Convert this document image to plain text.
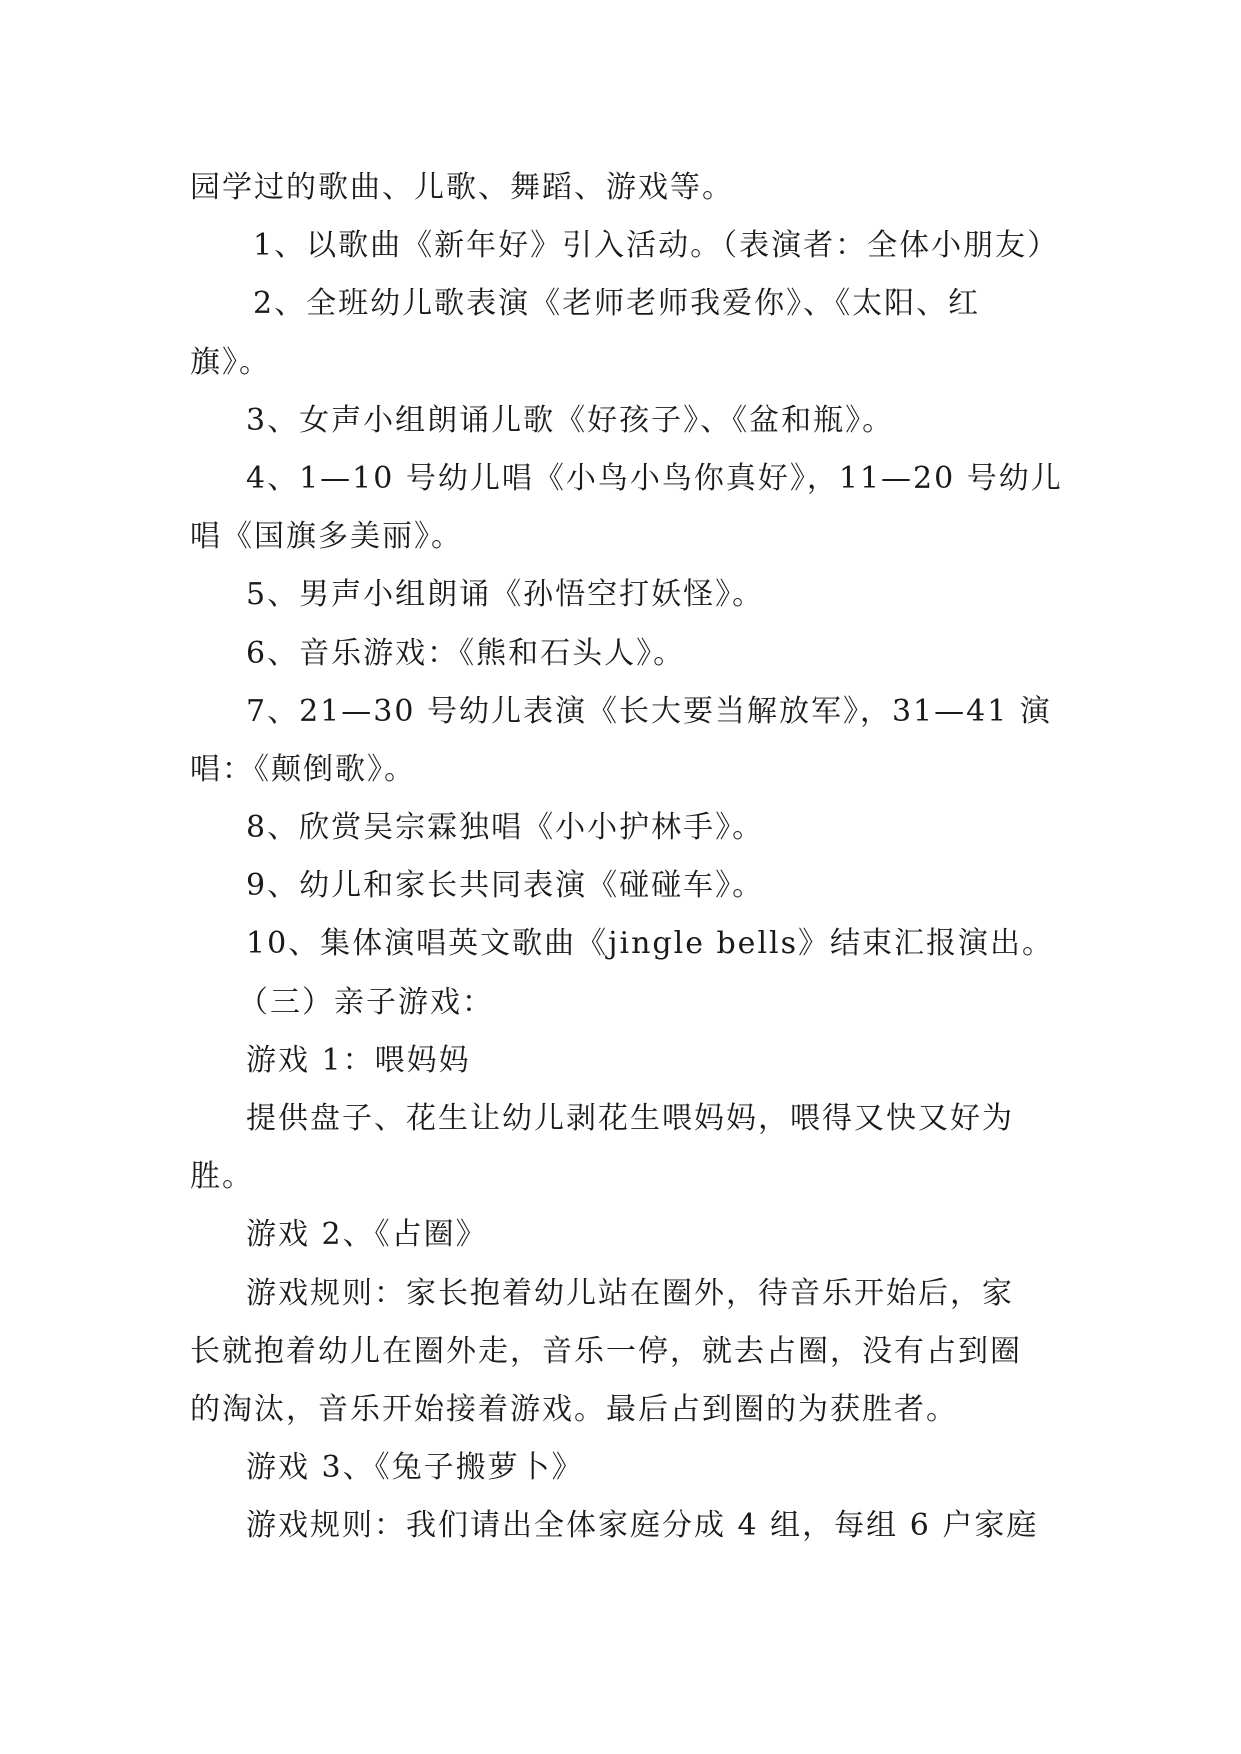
园学过的歌曲、儿歌、舞蹈、游戏等。
1、以歌曲《新年好》引入活动。（表演者：全体小朋友）
2、全班幼儿歌表演《老师老师我爱你》、《太阳、红
旗》。
3、女声小组朗诵儿歌《好孩子》、《盆和瓶》。
4、1—10 号幼儿唱《小鸟小鸟你真好》，11—20 号幼儿
唱《国旗多美丽》。
5、男声小组朗诵《孙悟空打妖怪》。
6、音乐游戏：《熊和石头人》。
7、21—30 号幼儿表演《长大要当解放军》，31—41 演
唱：《颠倒歌》。
8、欣赏吴宗霖独唱《小小护林手》。
9、幼儿和家长共同表演《碰碰车》。
10、集体演唱英文歌曲《jingle bells》结束汇报演出。
（三）亲子游戏：
游戏 1：喂妈妈
提供盘子、花生让幼儿剥花生喂妈妈，喂得又快又好为
胜。
游戏 2、《占圈》
游戏规则：家长抱着幼儿站在圈外，待音乐开始后，家
长就抱着幼儿在圈外走，音乐一停，就去占圈，没有占到圈
的淘汰，音乐开始接着游戏。最后占到圈的为获胜者。
游戏 3、《兔子搬萝卜》
游戏规则：我们请出全体家庭分成 4 组，每组 6 户家庭
